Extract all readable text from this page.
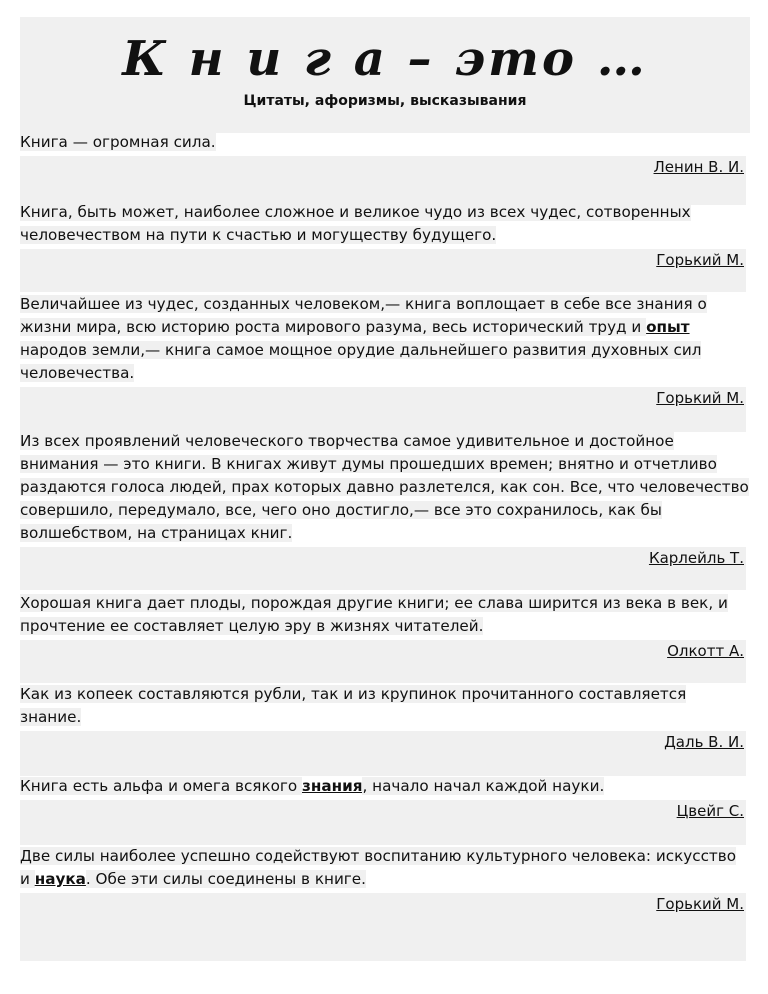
К н и г а – это …
Цитаты, афоризмы, высказывания

Книга — огромная сила.

Ленин В. И.

Книга, быть может, наиболее сложное и великое чудо из всех чудес, сотворенных человечеством на пути к счастью и могуществу будущего.

Горький М.

Величайшее из чудес, созданных человеком,— книга воплощает в себе все знания о жизни мира, всю историю роста мирового разума, весь исторический труд и опыт народов земли,— книга самое мощное орудие дальнейшего развития духовных сил человечества.

Горький М.

Из всех проявлений человеческого творчества самое удивительное и достойное внимания — это книги. В книгах живут думы прошедших времен; внятно и отчетливо раздаются голоса людей, прах которых давно разлетелся, как сон. Все, что человечество совершило, передумало, все, чего оно достигло,— все это сохранилось, как бы волшебством, на страницах книг.

Карлейль Т.

Хорошая книга дает плоды, порождая другие книги; ее слава ширится из века в век, и прочтение ее составляет целую эру в жизнях читателей.

Олкотт А.

Как из копеек составляются рубли, так и из крупинок прочитанного составляется знание.

Даль В. И.

Книга есть альфа и омега всякого знания, начало начал каждой науки.

Цвейг С.

Две силы наиболее успешно содействуют воспитанию культурного человека: искусство и наука. Обе эти силы соединены в книге.

Горький М.
